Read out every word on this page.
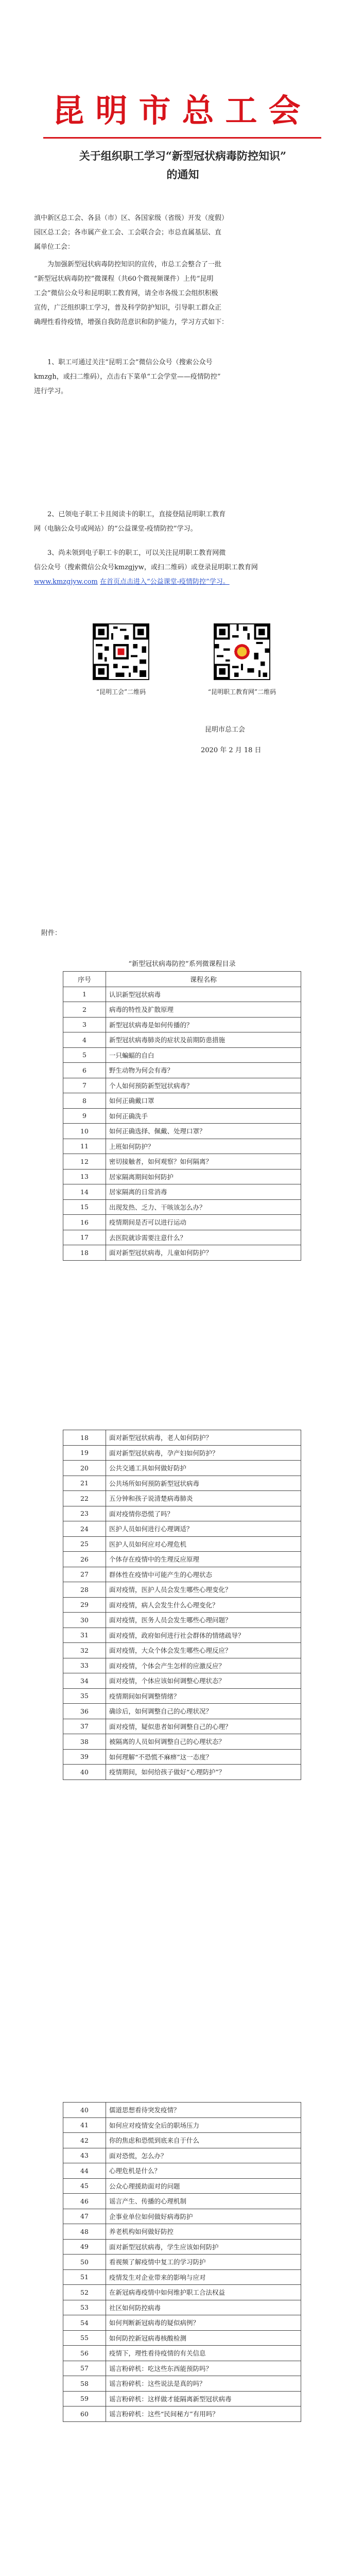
昆明市总工会
关于组织职工学习“新型冠状病毒防控知识”
的通知
滇中新区总工会、各县（市）区、各国家级（省级）开发（度假）
园区总工会；各市属产业工会、工会联合会；市总直属基层、直
属单位工会：
为加强新型冠状病毒防控知识的宣传，市总工会整合了一批
“新型冠状病毒防控”微课程（共60个微视频课件）上传“昆明
工会”微信公众号和昆明职工教育网，请全市各级工会组织积极
宣传，广泛组织职工学习，普及科学防护知识，引导职工群众正
确理性看待疫情，增强自我防范意识和防护能力，学习方式如下：
1、职工可通过关注“昆明工会”微信公众号（搜索公众号
kmzgh，或扫二维码），点击右下菜单“工会学堂——疫情防控”
进行学习。
2、已领电子职工卡且阅读卡的职工，直接登陆昆明职工教育
网（电脑公众号或网站）的“公益课堂-疫情防控”学习。
3、尚未领到电子职工卡的职工，可以关注昆明职工教育网微
信公众号（搜索微信公众号kmzgjyw，或扫二维码）或登录昆明职工教育网
www.kmzgjyw.com 在首页点击进入“公益课堂-疫情防控”学习。
“昆明工会”二维码	“昆明职工教育网”二维码
昆明市总工会
2020 年 2 月 18 日
附件：
“新型冠状病毒防控”系列微课程目录
序号	课程名称
1	认识新型冠状病毒
2	病毒的特性及扩散原理
3	新型冠状病毒是如何传播的？
4	新型冠状病毒肺炎的症状及前期防患措施
5	一只蝙蝠的自白
6	野生动物为何会有毒？
7	个人如何预防新型冠状病毒？
8	如何正确戴口罩
9	如何正确洗手
10	如何正确选择、佩戴、处理口罩？
11	上班如何防护？
12	密切接触者，如何观察？如何隔离？
13	居家隔离期间如何防护
14	居家隔离的日常消毒
15	出现发热、乏力、干咳该怎么办？
16	疫情期间是否可以进行运动
17	去医院就诊需要注意什么？
18	面对新型冠状病毒，儿童如何防护？
18	面对新型冠状病毒，老人如何防护？
19	面对新型冠状病毒，孕产妇如何防护？
20	公共交通工具如何做好防护
21	公共场所如何预防新型冠状病毒
22	五分钟和孩子说清楚病毒肺炎
23	面对疫情你恐慌了吗？
24	医护人员如何进行心理调适？
25	医护人员如何应对心理危机
26	个体存在疫情中的生理反应原理
27	群体性在疫情中可能产生的心理状态
28	面对疫情，医护人员会发生哪些心理变化？
29	面对疫情，病人会发生什么心理变化？
30	面对疫情，医务人员会发生哪些心理问题？
31	面对疫情，政府如何进行社会群体的情绪疏导？
32	面对疫情，大众个体会发生哪些心理反应？
33	面对疫情，个体会产生怎样的应激反应？
34	面对疫情，个体应该如何调整心理状态？
35	疫情期间如何调整情绪？
36	确诊后，如何调整自己的心理状况？
37	面对疫情，疑似患者如何调整自己的心理？
38	被隔离的人员如何调整自己的心理状态？
39	如何理解“不恐慌不麻痹”这一态度？
40	疫情期间，如何给孩子做好“心理防护”？
40	儒道思想看待突发疫情？
41	如何应对疫情安全后的职场压力
42	你的焦虑和恐慌到底来自于什么
43	面对恐慌，怎么办？
44	心理危机是什么？
45	公众心理援助面对的问题
46	谣言产生、传播的心理机制
47	企事业单位如何做好病毒防护
48	养老机构如何做好防控
49	面对新型冠状病毒，学生应该如何防护
50	看视频了解疫情中复工的学习防护
51	疫情发生对企业带来的影响与应对
52	在新冠病毒疫情中如何维护职工合法权益
53	社区如何防控病毒
54	如何判断新冠病毒的疑似病例？
55	如何防控新冠病毒核酸检测
56	疫情下，理性看待疫情的有关信息
57	谣言粉碎机：吃这些东西能预防吗？
58	谣言粉碎机：这些说法是真的吗？
59	谣言粉碎机：这样做才能隔离新型冠状病毒
60	谣言粉碎机：这些“民间秘方”有用吗？
